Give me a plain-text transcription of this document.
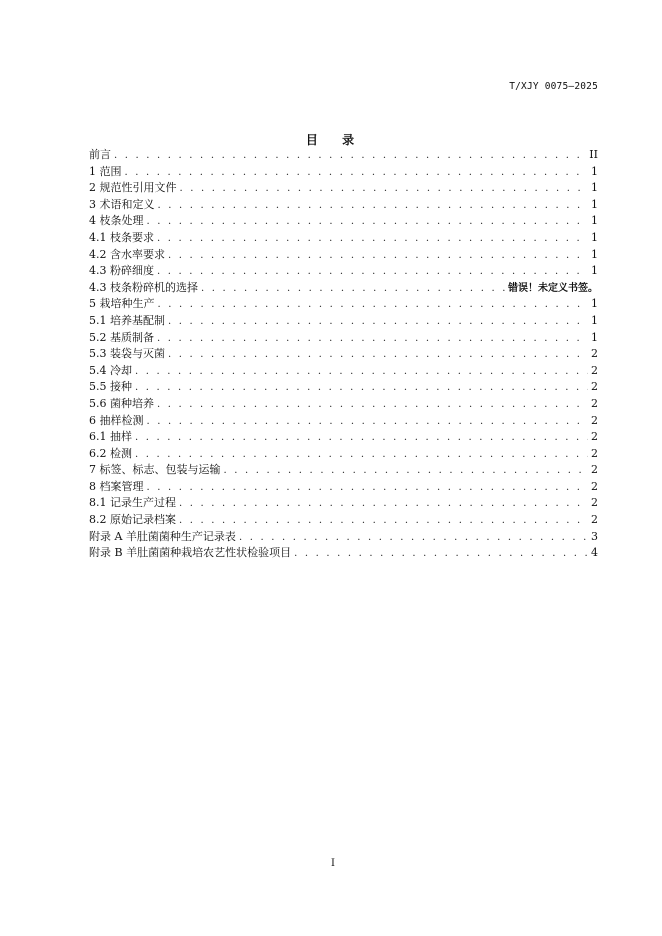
T/XJY 0075—2025
目 录
前言 . . .	II
1 范围 . . .	1
2 规范性引用文件 . . .	1
3 术语和定义 . . .	1
4 枝条处理 . . .	1
4.1 枝条要求 . . .	1
4.2 含水率要求 . . .	1
4.3 粉碎细度 . . .	1
4.3 枝条粉碎机的选择 . . .	错误！未定义书签。
5 栽培种生产 . . .	1
5.1 培养基配制 . . .	1
5.2 基质制备 . . .	1
5.3 装袋与灭菌 . . .	2
5.4 冷却 . . .	2
5.5 接种 . . .	2
5.6 菌种培养 . . .	2
6 抽样检测 . . .	2
6.1 抽样 . . .	2
6.2 检测 . . .	2
7 标签、标志、包装与运输 . . .	2
8 档案管理 . . .	2
8.1 记录生产过程 . . .	2
8.2 原始记录档案 . . .	2
附录 A 羊肚菌菌种生产记录表 . . .	3
附录 B 羊肚菌菌种栽培农艺性状检验项目 . . .	4
I
